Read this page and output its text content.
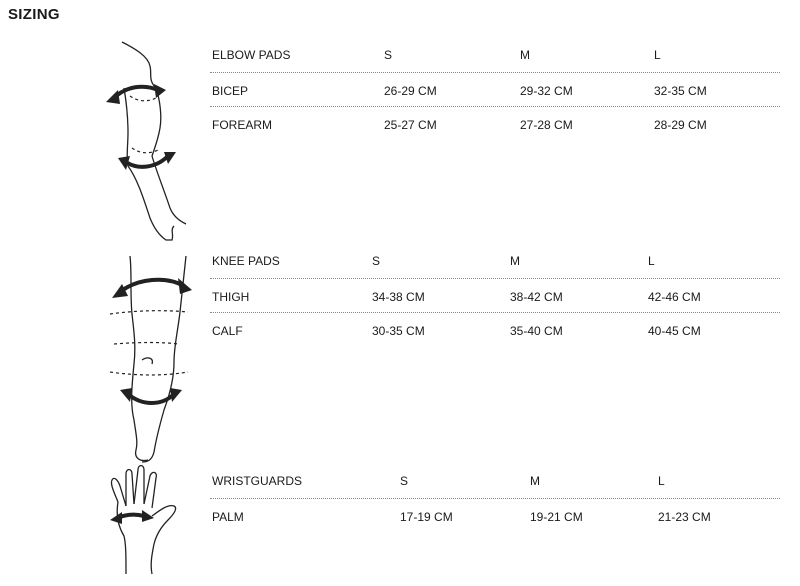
SIZING
ELBOW PADS	S	M	L
BICEP	26-29 CM	29-32 CM	32-35 CM
FOREARM	25-27 CM	27-28 CM	28-29 CM
KNEE PADS	S	M	L
THIGH	34-38 CM	38-42 CM	42-46 CM
CALF	30-35 CM	35-40 CM	40-45 CM
WRISTGUARDS	S	M	L
PALM	17-19 CM	19-21 CM	21-23 CM
